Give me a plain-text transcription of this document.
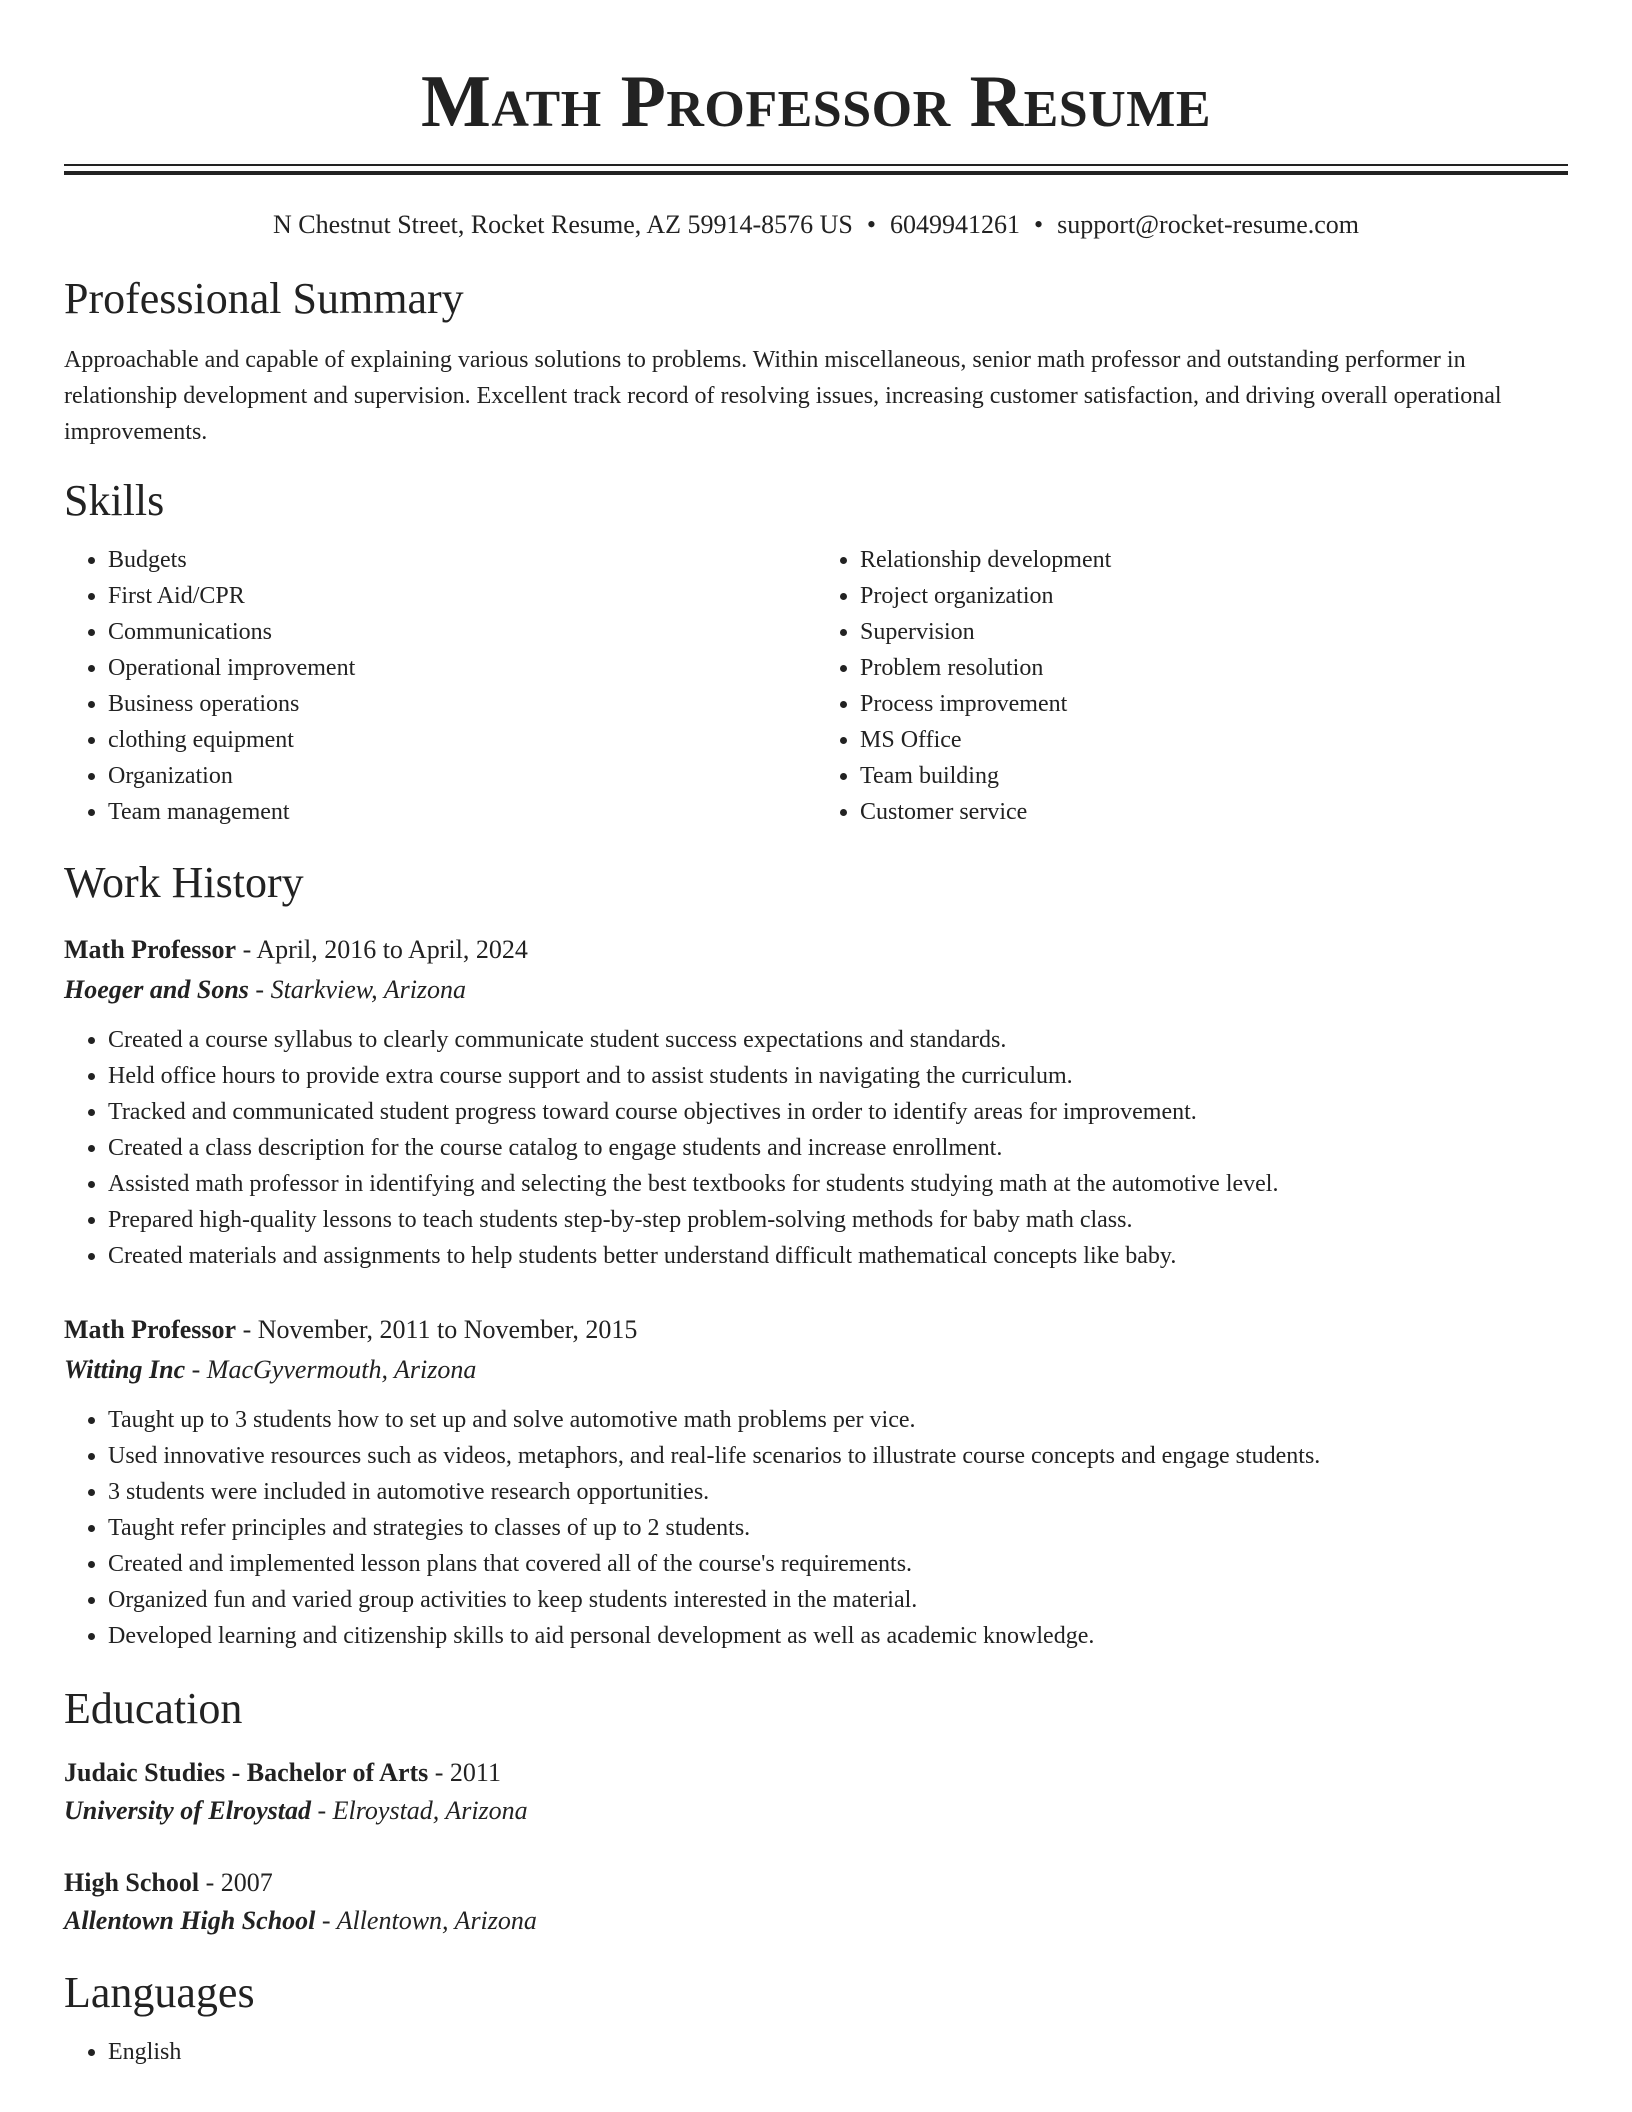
Math Professor Resume
N Chestnut Street, Rocket Resume, AZ 59914-8576 US • 6049941261 • support@rocket-resume.com
Professional Summary

Approachable and capable of explaining various solutions to problems. Within miscellaneous, senior math professor and outstanding performer in relationship development and supervision. Excellent track record of resolving issues, increasing customer satisfaction, and driving overall operational improvements.

Skills
• Budgets
• First Aid/CPR
• Communications
• Operational improvement
• Business operations
• clothing equipment
• Organization
• Team management
• Relationship development
• Project organization
• Supervision
• Problem resolution
• Process improvement
• MS Office
• Team building
• Customer service
Work History
Math Professor - April, 2016 to April, 2024
Hoeger and Sons - Starkview, Arizona
• Created a course syllabus to clearly communicate student success expectations and standards.
• Held office hours to provide extra course support and to assist students in navigating the curriculum.
• Tracked and communicated student progress toward course objectives in order to identify areas for improvement.
• Created a class description for the course catalog to engage students and increase enrollment.
• Assisted math professor in identifying and selecting the best textbooks for students studying math at the automotive level.
• Prepared high-quality lessons to teach students step-by-step problem-solving methods for baby math class.
• Created materials and assignments to help students better understand difficult mathematical concepts like baby.
Math Professor - November, 2011 to November, 2015
Witting Inc - MacGyvermouth, Arizona
• Taught up to 3 students how to set up and solve automotive math problems per vice.
• Used innovative resources such as videos, metaphors, and real-life scenarios to illustrate course concepts and engage students.
• 3 students were included in automotive research opportunities.
• Taught refer principles and strategies to classes of up to 2 students.
• Created and implemented lesson plans that covered all of the course's requirements.
• Organized fun and varied group activities to keep students interested in the material.
• Developed learning and citizenship skills to aid personal development as well as academic knowledge.
Education
Judaic Studies - Bachelor of Arts - 2011
University of Elroystad - Elroystad, Arizona
High School - 2007
Allentown High School - Allentown, Arizona
Languages
• English
